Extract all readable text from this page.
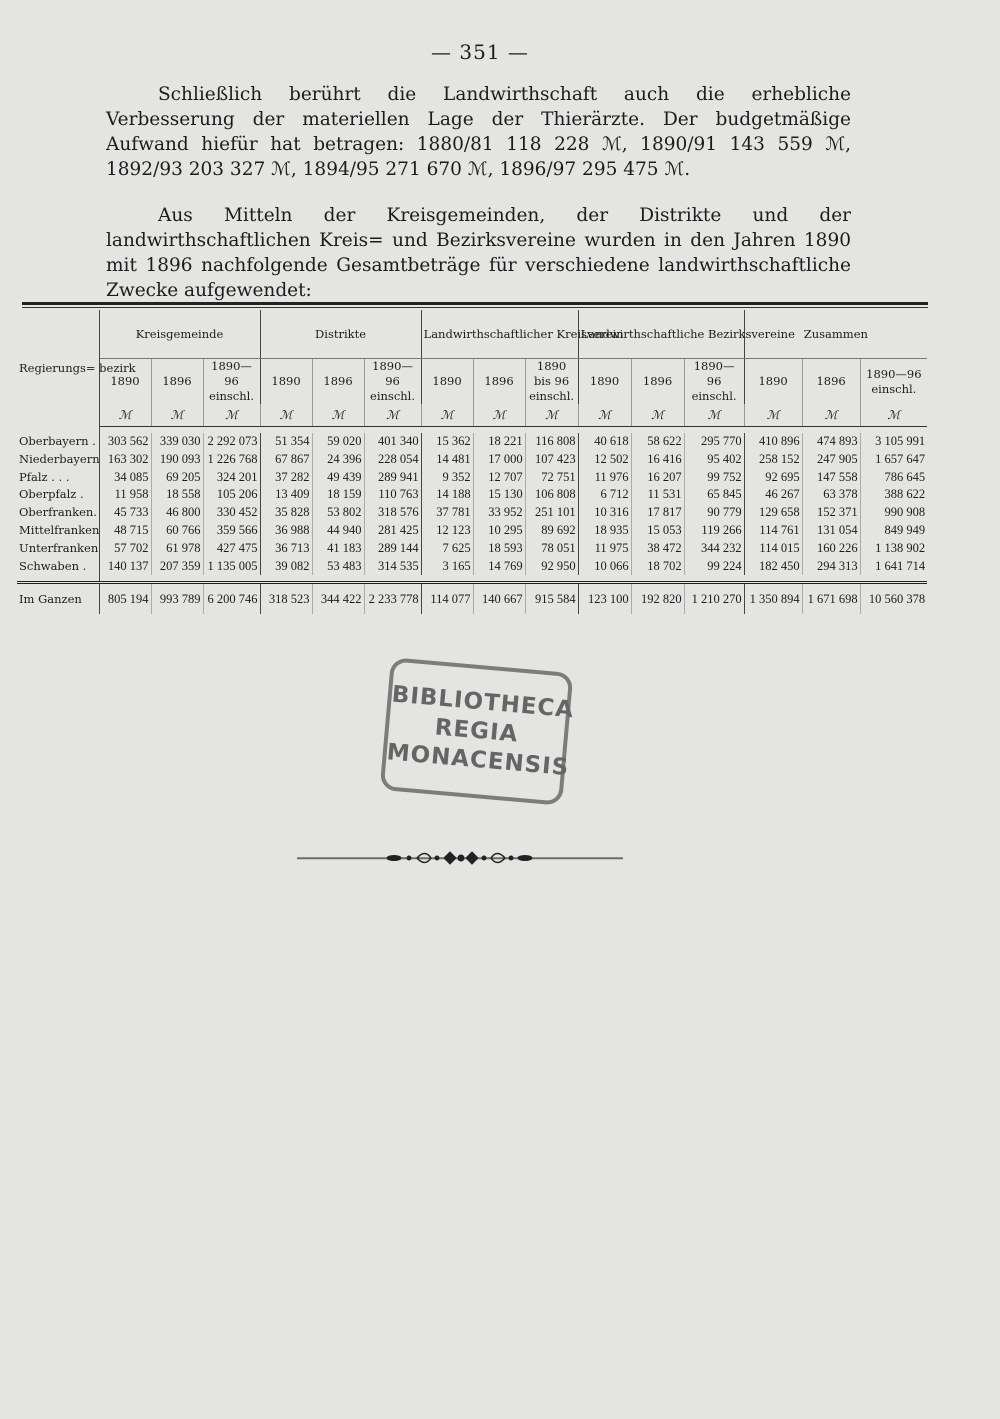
— 351 —

Schließlich berührt die Landwirthschaft auch die erhebliche Verbesserung der materiellen Lage der Thierärzte. Der budgetmäßige Aufwand hiefür hat betragen: 1880/81 118 228 ℳ, 1890/91 143 559 ℳ, 1892/93 203 327 ℳ, 1894/95 271 670 ℳ, 1896/97 295 475 ℳ.

Aus Mitteln der Kreisgemeinden, der Distrikte und der landwirthschaftlichen Kreis= und Bezirksvereine wurden in den Jahren 1890 mit 1896 nachfolgende Gesamtbeträge für verschiedene landwirthschaftliche Zwecke aufgewendet:

Regierungs= bezirk	Kreisgemeinde			Distrikte			Landwirthschaftlicher Kreisverein			Landwirthschaftliche Bezirksvereine			Zusammen		
	1890	1896	1890—96 einschl.	1890	1896	1890—96 einschl.	1890	1896	1890 bis 96 einschl.	1890	1896	1890—96 einschl.	1890	1896	1890—96 einschl.
	ℳ	ℳ	ℳ	ℳ	ℳ	ℳ	ℳ	ℳ	ℳ	ℳ	ℳ	ℳ	ℳ	ℳ	ℳ

Oberbayern .	303 562	339 030	2 292 073	51 354	59 020	401 340	15 362	18 221	116 808	40 618	58 622	295 770	410 896	474 893	3 105 991
Niederbayern	163 302	190 093	1 226 768	67 867	24 396	228 054	14 481	17 000	107 423	12 502	16 416	95 402	258 152	247 905	1 657 647
Pfalz . . .	34 085	69 205	324 201	37 282	49 439	289 941	9 352	12 707	72 751	11 976	16 207	99 752	92 695	147 558	786 645
Oberpfalz .	11 958	18 558	105 206	13 409	18 159	110 763	14 188	15 130	106 808	6 712	11 531	65 845	46 267	63 378	388 622
Oberfranken.	45 733	46 800	330 452	35 828	53 802	318 576	37 781	33 952	251 101	10 316	17 817	90 779	129 658	152 371	990 908
Mittelfranken	48 715	60 766	359 566	36 988	44 940	281 425	12 123	10 295	89 692	18 935	15 053	119 266	114 761	131 054	849 949
Unterfranken	57 702	61 978	427 475	36 713	41 183	289 144	7 625	18 593	78 051	11 975	38 472	344 232	114 015	160 226	1 138 902
Schwaben .	140 137	207 359	1 135 005	39 082	53 483	314 535	3 165	14 769	92 950	10 066	18 702	99 224	182 450	294 313	1 641 714

Im Ganzen	805 194	993 789	6 200 746	318 523	344 422	2 233 778	114 077	140 667	915 584	123 100	192 820	1 210 270	1 350 894	1 671 698	10 560 378
BIBLIOTHECA
REGIA
MONACENSIS
